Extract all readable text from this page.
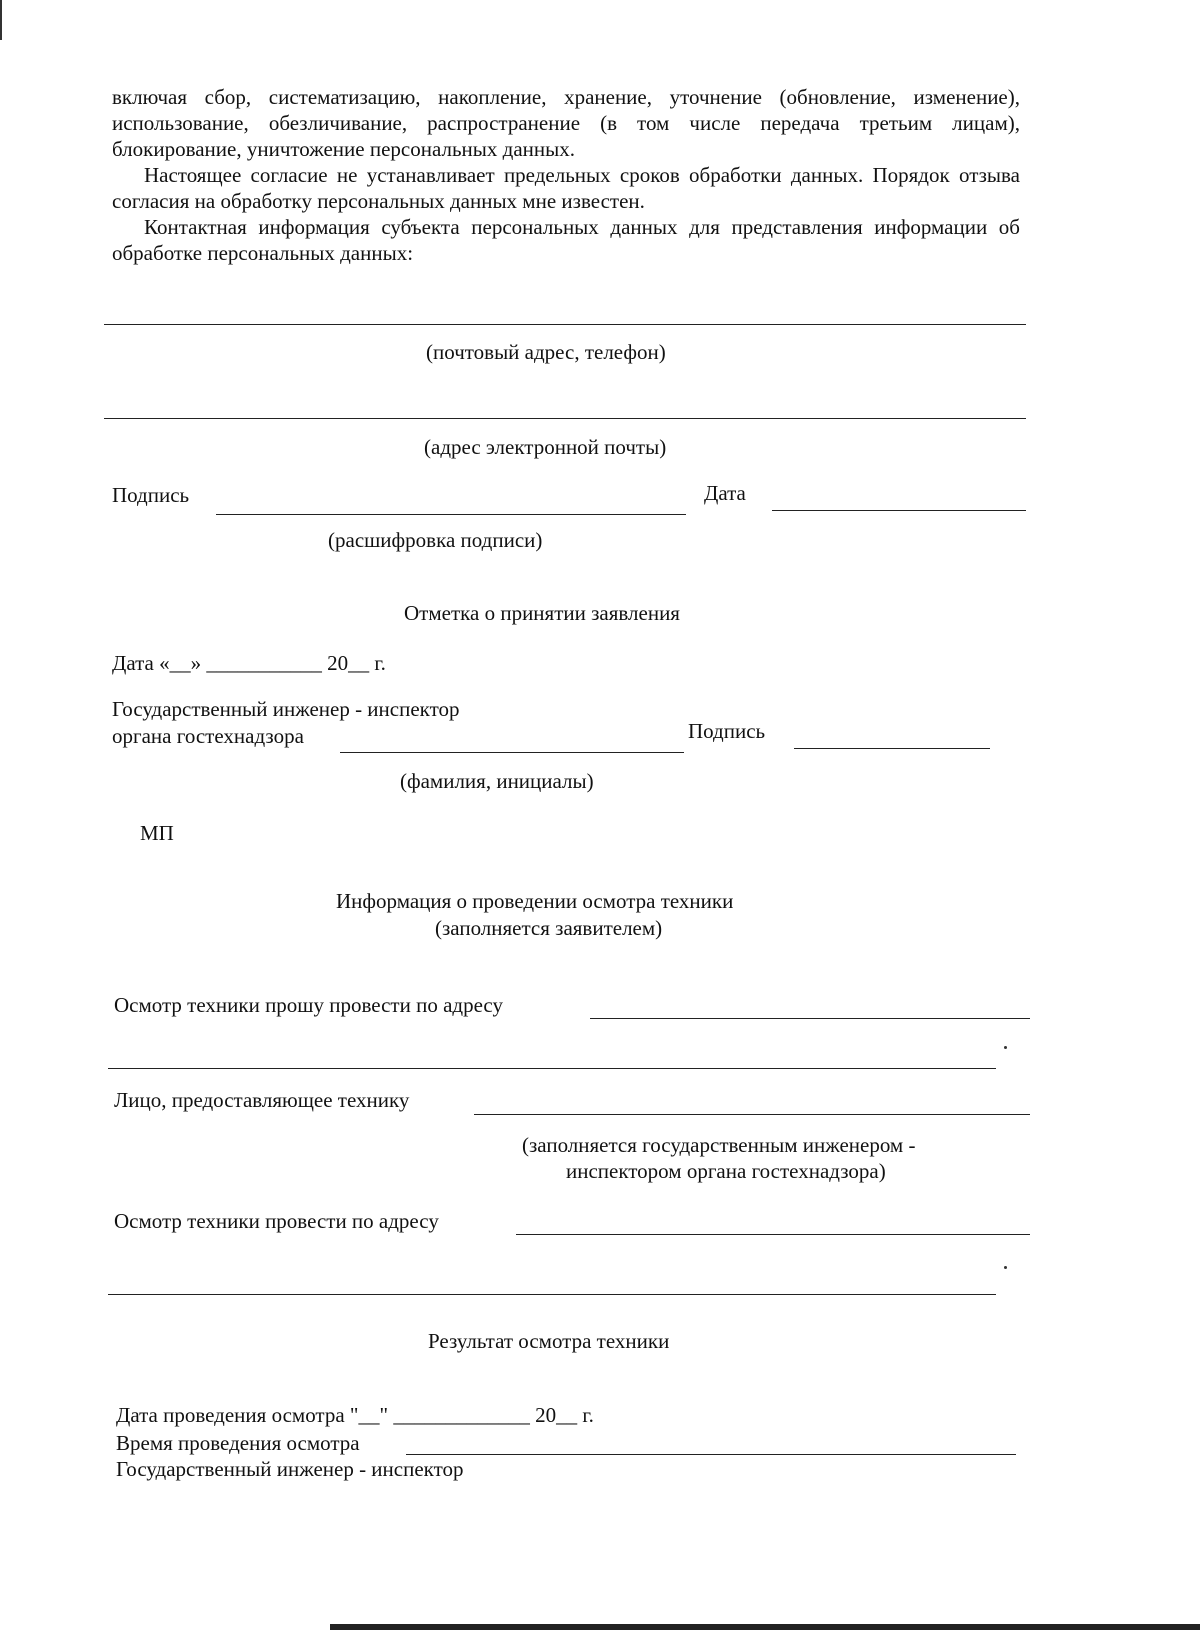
включая сбор, систематизацию, накопление, хранение, уточнение (обновление, изменение), использование, обезличивание, распространение (в том числе передача третьим лицам), блокирование, уничтожение персональных данных.

Настоящее согласие не устанавливает предельных сроков обработки данных. Порядок отзыва согласия на обработку персональных данных мне известен.

Контактная информация субъекта персональных данных для представления информации об обработке персональных данных:

(почтовый адрес, телефон)
(адрес электронной почты)
Подпись	Дата
(расшифровка подписи)
Отметка о принятии заявления
Дата «__» ___________ 20__ г.
Государственный инженер - инспектор
органа гостехнадзора	Подпись
(фамилия, инициалы)
МП
Информация о проведении осмотра техники
(заполняется заявителем)
Осмотр техники прошу провести по адресу
Лицо, предоставляющее технику
(заполняется государственным инженером -
инспектором органа гостехнадзора)
Осмотр техники провести по адресу
Результат осмотра техники
Дата проведения осмотра "__" _____________ 20__ г.
Время проведения осмотра
Государственный инженер - инспектор
